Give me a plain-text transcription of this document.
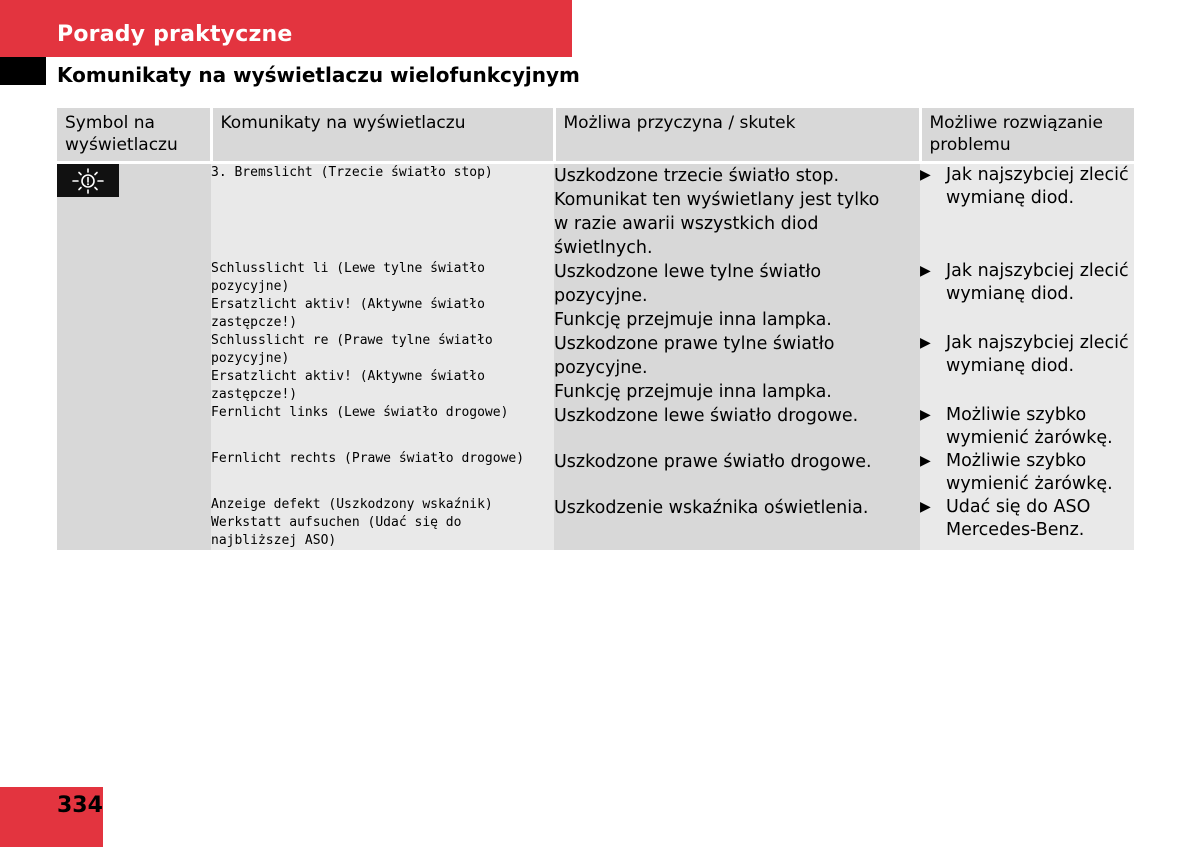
Porady praktyczne
Komunikaty na wyświetlaczu wielofunkcyjnym
Symbol na wyświetlaczu	Komunikaty na wyświetlaczu	Możliwa przyczyna / skutek	Możliwe rozwiązanie problemu

3. Bremslicht (Trzecie światło stop)	Uszkodzone trzecie światło stop.
Komunikat ten wyświetlany jest tylko
w razie awarii wszystkich diod świetlnych.	▶ Jak najszybciej zlecić wymianę diod.

	Schlusslicht li (Lewe tylne światło pozycyjne)
Ersatzlicht aktiv! (Aktywne światło zastępcze!)	Uszkodzone lewe tylne światło pozycyjne.
Funkcję przejmuje inna lampka.	▶ Jak najszybciej zlecić wymianę diod.

	Schlusslicht re (Prawe tylne światło pozycyjne)
Ersatzlicht aktiv! (Aktywne światło zastępcze!)	Uszkodzone prawe tylne światło pozycyjne.
Funkcję przejmuje inna lampka.	▶ Jak najszybciej zlecić wymianę diod.

	Fernlicht links (Lewe światło drogowe)	Uszkodzone lewe światło drogowe.	▶ Możliwie szybko wymienić żarówkę.

	Fernlicht rechts (Prawe światło drogowe)	Uszkodzone prawe światło drogowe.	▶ Możliwie szybko wymienić żarówkę.

	Anzeige defekt (Uszkodzony wskaźnik)
Werkstatt aufsuchen (Udać się do najbliższej ASO)	Uszkodzenie wskaźnika oświetlenia.	▶ Udać się do ASO Mercedes-Benz.
334
